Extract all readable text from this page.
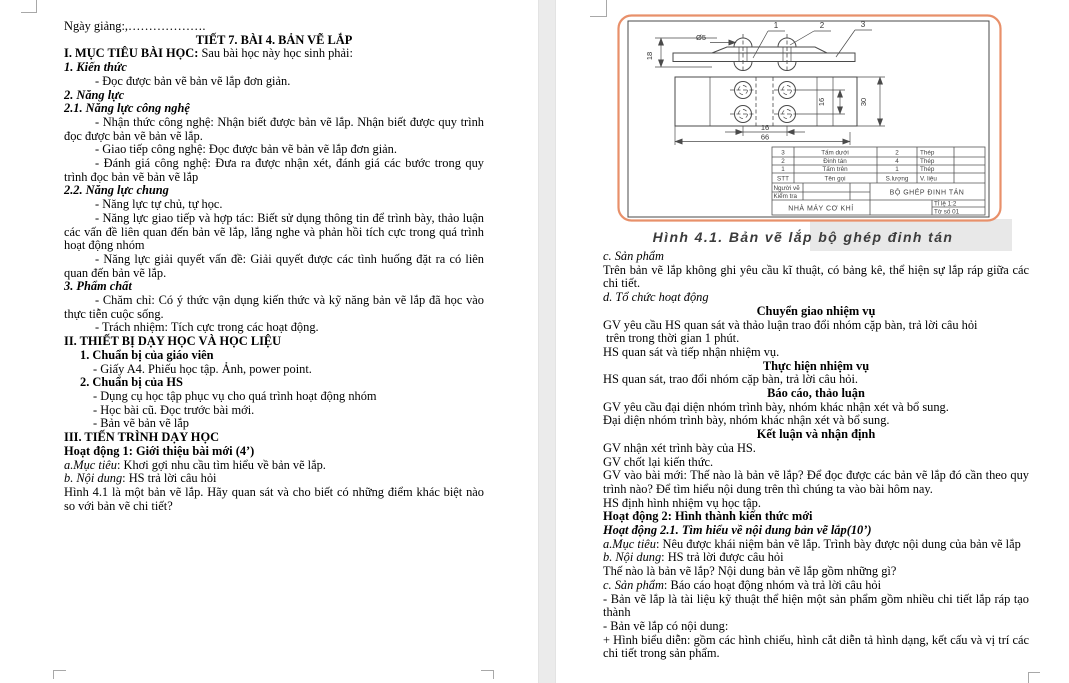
Ngày giảng:,……………….

TIẾT 7. BÀI 4. BẢN VẼ LẮP

I. MỤC TIÊU BÀI HỌC: Sau bài học này học sinh phải:

1. Kiến thức

- Đọc được bản vẽ bản vẽ lắp đơn giản.

2. Năng lực

2.1. Năng lực công nghệ

- Nhận thức công nghệ: Nhận biết được bản vẽ lắp. Nhận biết được quy trình đọc được bản vẽ bản vẽ lắp.

- Giao tiếp công nghệ: Đọc được bản vẽ bản vẽ lắp đơn giản.

- Đánh giá công nghệ: Đưa ra được nhận xét, đánh giá các bước trong quy trình đọc bản vẽ bản vẽ lắp

2.2. Năng lực chung

- Năng lực tự chủ, tự học.

- Năng lực giao tiếp và hợp tác: Biết sử dụng thông tin để trình bày, thảo luận các vấn đề liên quan đến bản vẽ lắp, lắng nghe và phản hồi tích cực trong quá trình hoạt động nhóm

- Năng lực giải quyết vấn đề: Giải quyết được các tình huống đặt ra có liên quan đến bản vẽ lắp.

3. Phẩm chất

- Chăm chỉ: Có ý thức vận dụng kiến thức và kỹ năng bản vẽ lắp đã học vào thực tiễn cuộc sống.

- Trách nhiệm: Tích cực trong các hoạt động.

II. THIẾT BỊ DẠY HỌC VÀ HỌC LIỆU

1. Chuẩn bị của giáo viên

- Giấy A4. Phiếu học tập. Ảnh, power point.

2. Chuẩn bị của HS

- Dụng cụ học tập phục vụ cho quá trình hoạt động nhóm

- Học bài cũ. Đọc trước bài mới.

- Bản vẽ bản vẽ lắp

III. TIẾN TRÌNH DẠY HỌC

Hoạt động 1: Giới thiệu bài mới (4’)

a.Mục tiêu: Khơi gợi nhu cầu tìm hiểu về bản vẽ lắp.

b. Nội dung: HS trả lời câu hỏi

Hình 4.1 là một bản vẽ lắp. Hãy quan sát và cho biết có những điểm khác biệt nào so với bản vẽ chi tiết?

Ø5
18
1	2	3
16	30
16
66
3	Tấm dưới	2	Thép
2	Đinh tán	4	Thép
1	Tấm trên	1	Thép
STT	Tên gọi	S.lượng V. liệu
Người vẽ
Kiểm tra	BỘ GHÉP ĐINH TÁN
NHÀ MÁY CƠ KHÍ
Tỉ lệ 1:2
Tờ số 01
Hình 4.1. Bản vẽ lắp bộ ghép đinh tán

c. Sản phẩm

Trên bản vẽ lắp không ghi yêu cầu kĩ thuật, có bảng kê, thể hiện sự lắp ráp giữa các chi tiết.

d. Tổ chức hoạt động

Chuyển giao nhiệm vụ

GV yêu cầu HS quan sát và thảo luận trao đổi nhóm cặp bàn, trả lời câu hỏi

trên trong thời gian 1 phút.

HS quan sát và tiếp nhận nhiệm vụ.

Thực hiện nhiệm vụ

HS quan sát, trao đổi nhóm cặp bàn, trả lời câu hỏi.

Báo cáo, thảo luận

GV yêu cầu đại diện nhóm trình bày, nhóm khác nhận xét và bổ sung.

Đại diện nhóm trình bày, nhóm khác nhận xét và bổ sung.

Kết luận và nhận định

GV nhận xét trình bày của HS.

GV chốt lại kiến thức.

GV vào bài mới: Thế nào là bản vẽ lắp? Để đọc được các bản vẽ lắp đó cần theo quy trình nào? Để tìm hiểu nội dung trên thì chúng ta vào bài hôm nay.

HS định hình nhiệm vụ học tập.

Hoạt động 2: Hình thành kiến thức mới

Hoạt động 2.1. Tìm hiểu về nội dung bản vẽ lắp(10’)

a.Mục tiêu: Nêu được khái niệm bản vẽ lắp. Trình bày được nội dung của bản vẽ lắp

b. Nội dung: HS trả lời được câu hỏi

Thế nào là bản vẽ lắp? Nội dung bản vẽ lắp gồm những gì?

c. Sản phẩm: Báo cáo hoạt động nhóm và trả lời câu hỏi

- Bản vẽ lắp là tài liệu kỹ thuật thể hiện một sản phẩm gồm nhiều chi tiết lắp ráp tạo thành

- Bản vẽ lắp có nội dung:

+ Hình biểu diễn: gồm các hình chiếu, hình cắt diễn tả hình dạng, kết cấu và vị trí các chi tiết trong sản phẩm.
